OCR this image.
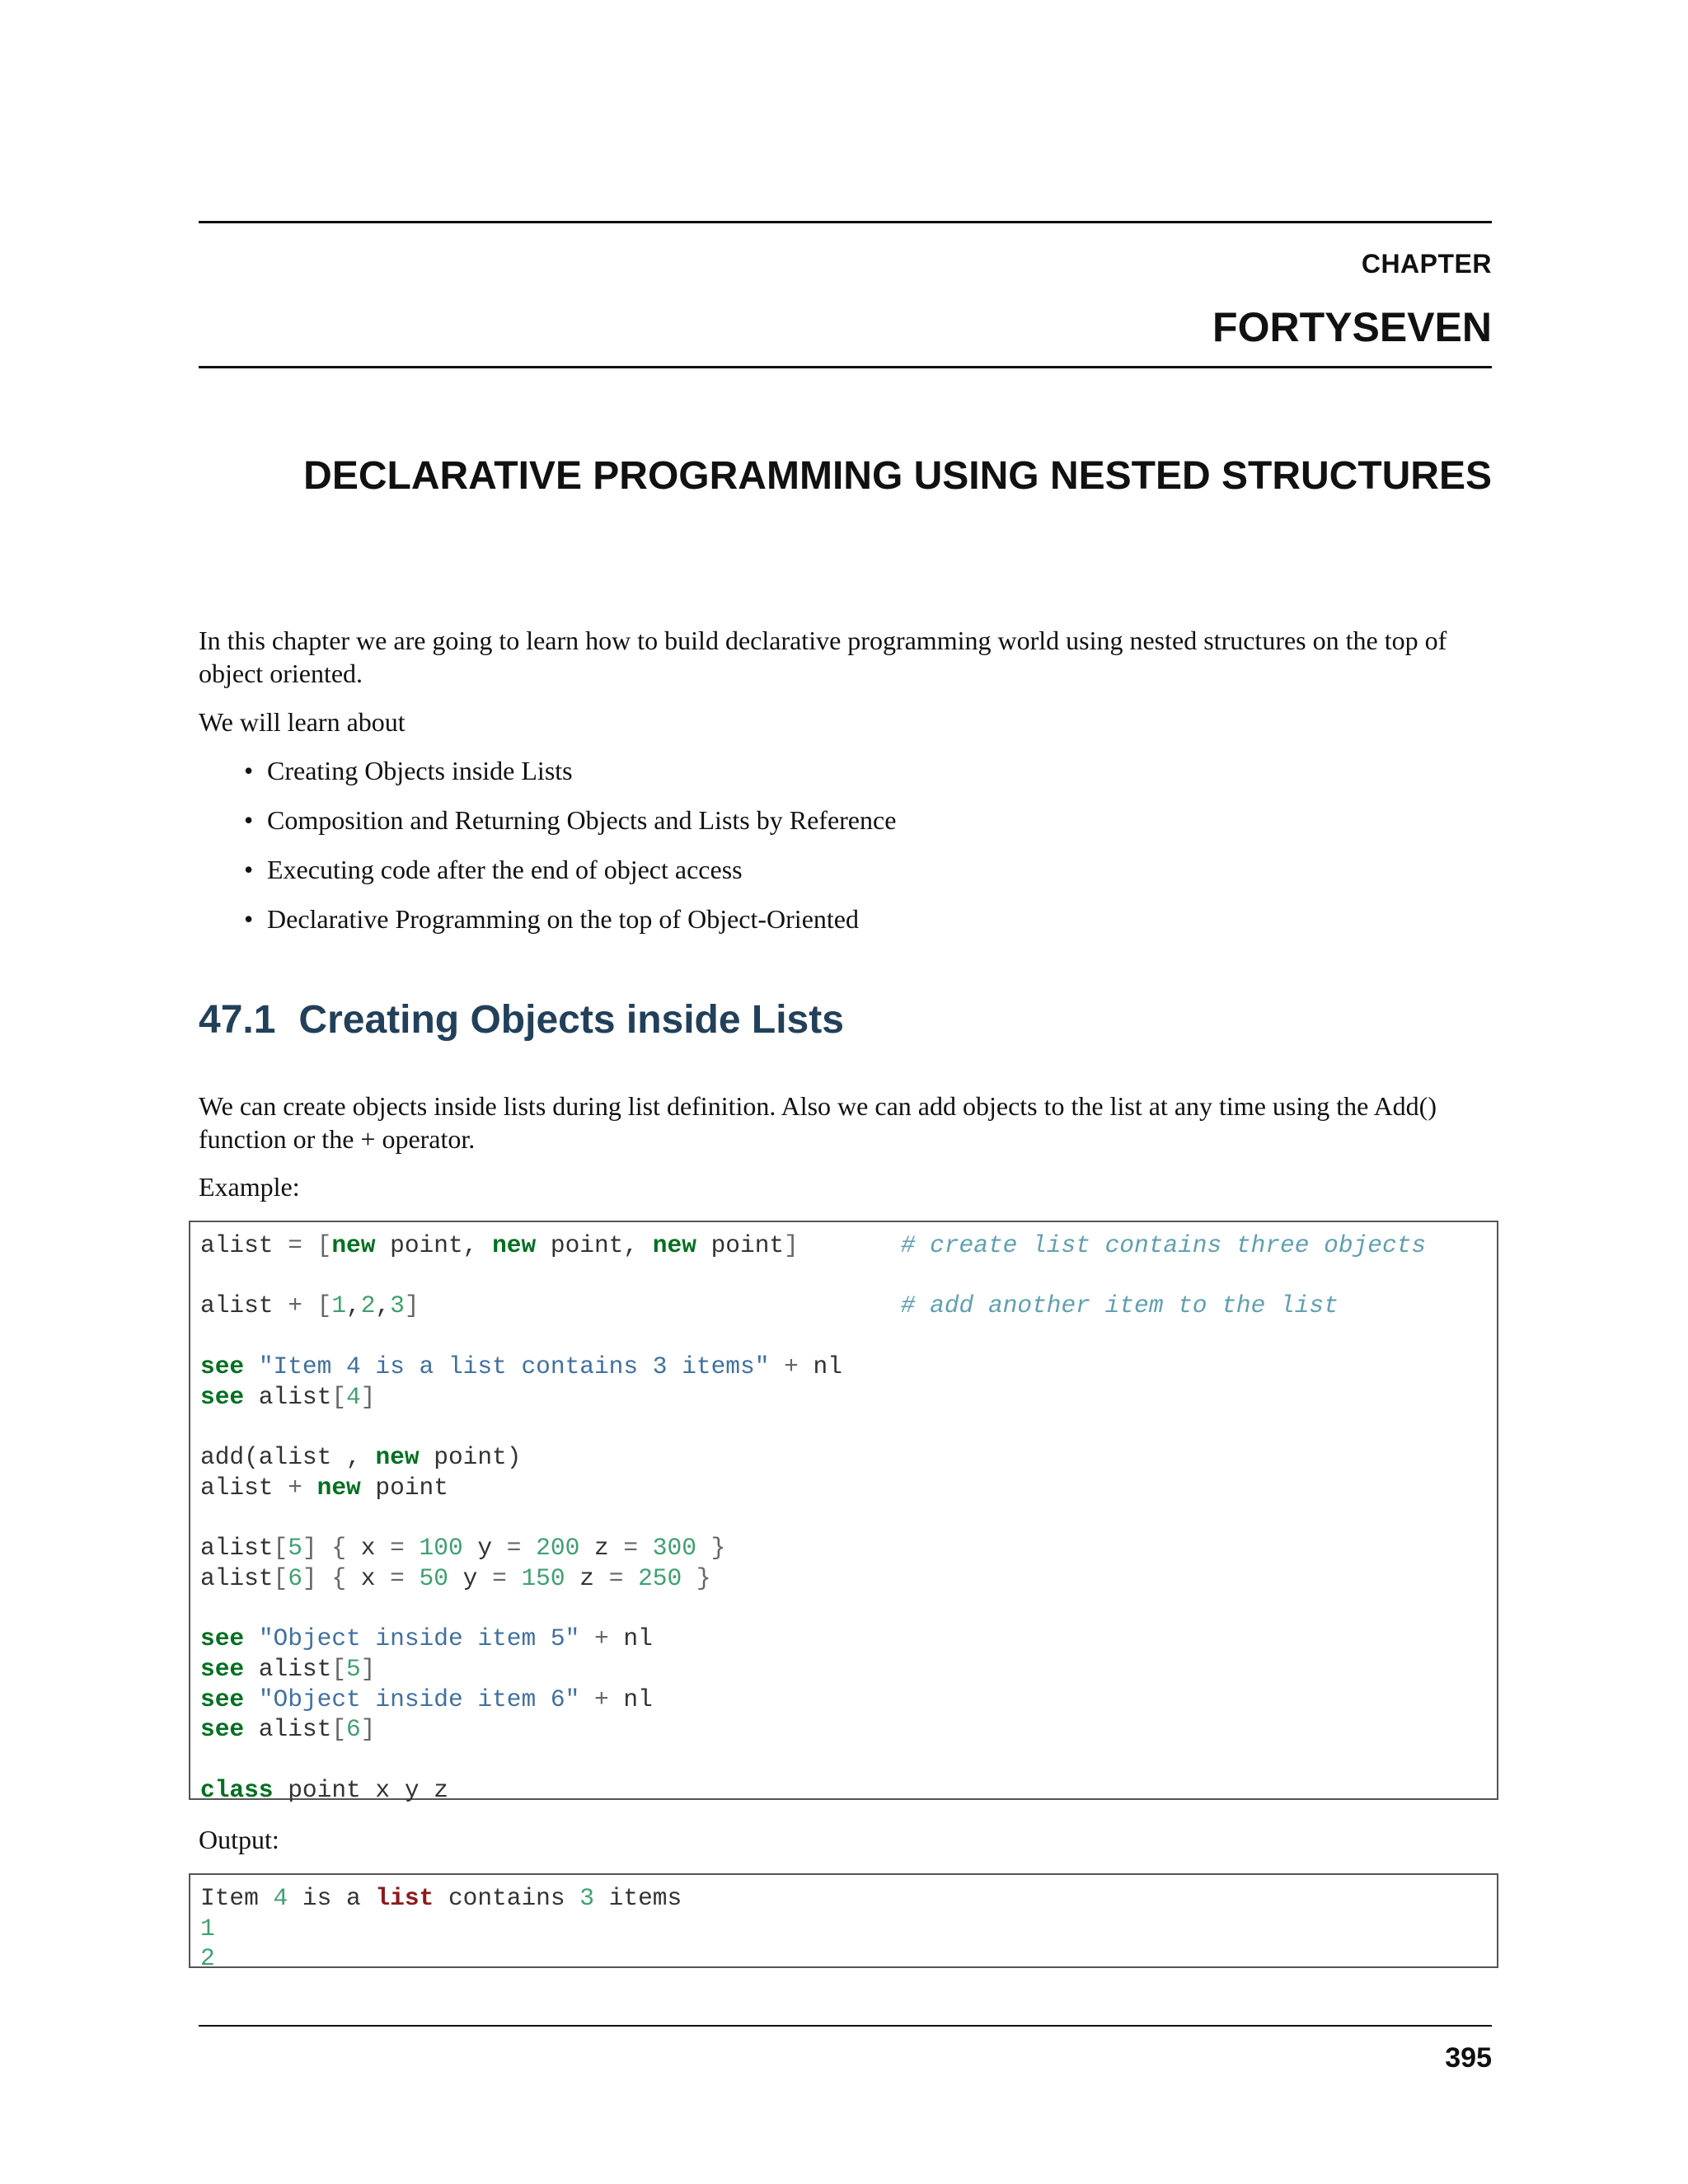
CHAPTER
FORTYSEVEN
DECLARATIVE PROGRAMMING USING NESTED STRUCTURES

In this chapter we are going to learn how to build declarative programming world using nested structures on the top of object oriented.

We will learn about

• Creating Objects inside Lists
• Composition and Returning Objects and Lists by Reference
• Executing code after the end of object access
• Declarative Programming on the top of Object-Oriented
47.1 Creating Objects inside Lists

We can create objects inside lists during list definition. Also we can add objects to the list at any time using the Add() function or the + operator.

Example:

alist = [new point, new point, new point]	# create list contains three objects

alist + [1,2,3]	# add another item to the list

see "Item 4 is a list contains 3 items" + nl
see alist[4]

add(alist , new point)
alist + new point

alist[5] { x = 100 y = 200 z = 300 }
alist[6] { x = 50 y = 150 z = 250 }

see "Object inside item 5" + nl
see alist[5]
see "Object inside item 6" + nl
see alist[6]

class point x y z

Output:

Item 4 is a list contains 3 items
1
2
395
